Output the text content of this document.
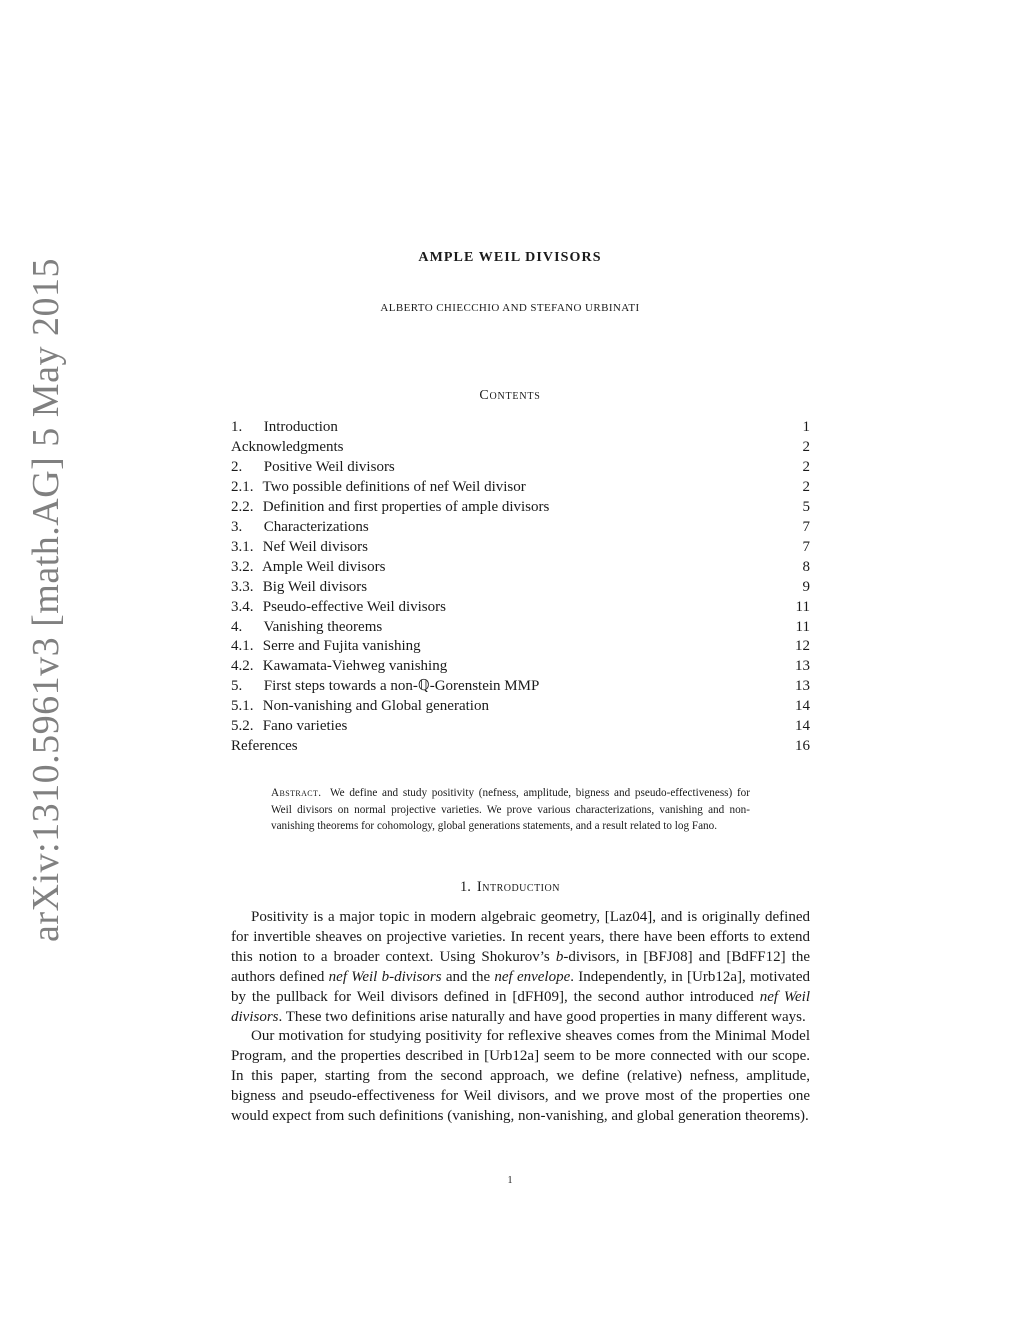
arXiv:1310.5961v3 [math.AG] 5 May 2015
AMPLE WEIL DIVISORS
ALBERTO CHIECCHIO AND STEFANO URBINATI
Contents
1. Introduction	1
Acknowledgments	2
2. Positive Weil divisors	2
2.1. Two possible definitions of nef Weil divisor	2
2.2. Definition and first properties of ample divisors	5
3. Characterizations	7
3.1. Nef Weil divisors	7
3.2. Ample Weil divisors	8
3.3. Big Weil divisors	9
3.4. Pseudo-effective Weil divisors	11
4. Vanishing theorems	11
4.1. Serre and Fujita vanishing	12
4.2. Kawamata-Viehweg vanishing	13
5. First steps towards a non-ℚ-Gorenstein MMP	13
5.1. Non-vanishing and Global generation	14
5.2. Fano varieties	14
References	16
Abstract. We define and study positivity (nefness, amplitude, bigness and pseudo-effectiveness) for Weil divisors on normal projective varieties. We prove various characterizations, vanishing and non-vanishing theorems for cohomology, global generations statements, and a result related to log Fano.
1. Introduction

Positivity is a major topic in modern algebraic geometry, [Laz04], and is originally defined for invertible sheaves on projective varieties. In recent years, there have been efforts to extend this notion to a broader context. Using Shokurov’s b-divisors, in [BFJ08] and [BdFF12] the authors defined nef Weil b-divisors and the nef envelope. Independently, in [Urb12a], motivated by the pullback for Weil divisors defined in [dFH09], the second author introduced nef Weil divisors. These two definitions arise naturally and have good properties in many different ways.

Our motivation for studying positivity for reflexive sheaves comes from the Minimal Model Program, and the properties described in [Urb12a] seem to be more connected with our scope. In this paper, starting from the second approach, we define (relative) nefness, amplitude, bigness and pseudo-effectiveness for Weil divisors, and we prove most of the properties one would expect from such definitions (vanishing, non-vanishing, and global generation theorems).

1
